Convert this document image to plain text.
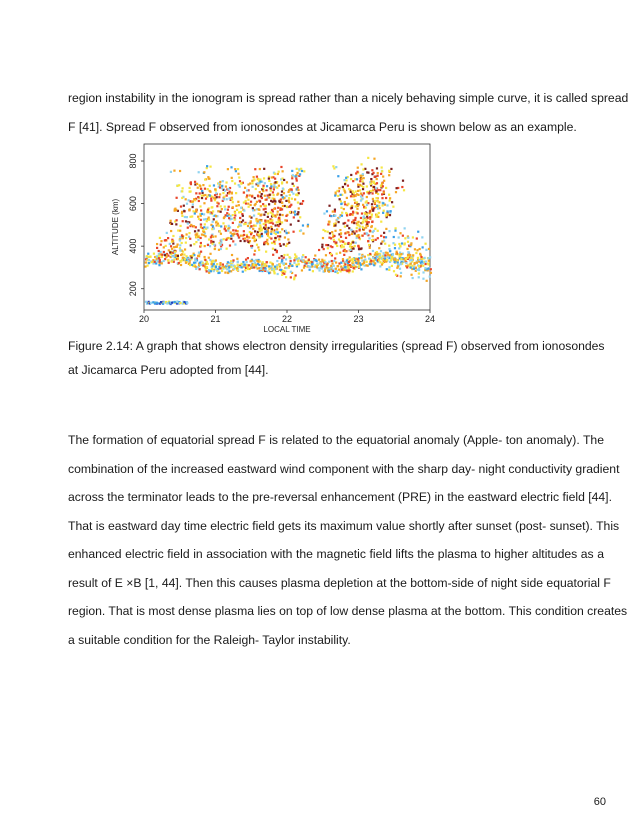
region instability in the ionogram is spread rather than a nicely behaving simple curve, it is called spread
F [41]. Spread F observed from ionosondes at Jicamarca Peru is shown below as an example.

20	21	22	23	24
200
400
600
800
LOCAL TIME
ALTITUDE (km)

Figure 2.14: A graph that shows electron density irregularities (spread F) observed from ionosondes
at Jicamarca Peru adopted from [44].

The formation of equatorial spread F is related to the equatorial anomaly (Apple- ton anomaly). The
combination of the increased eastward wind component with the sharp day- night conductivity gradient
across the terminator leads to the pre-reversal enhancement (PRE) in the eastward electric field [44].
That is eastward day time electric field gets its maximum value shortly after sunset (post- sunset). This
enhanced electric field in association with the magnetic field lifts the plasma to higher altitudes as a
result of E ×B [1, 44]. Then this causes plasma depletion at the bottom-side of night side equatorial F
region. That is most dense plasma lies on top of low dense plasma at the bottom. This condition creates
a suitable condition for the Raleigh- Taylor instability.

60
